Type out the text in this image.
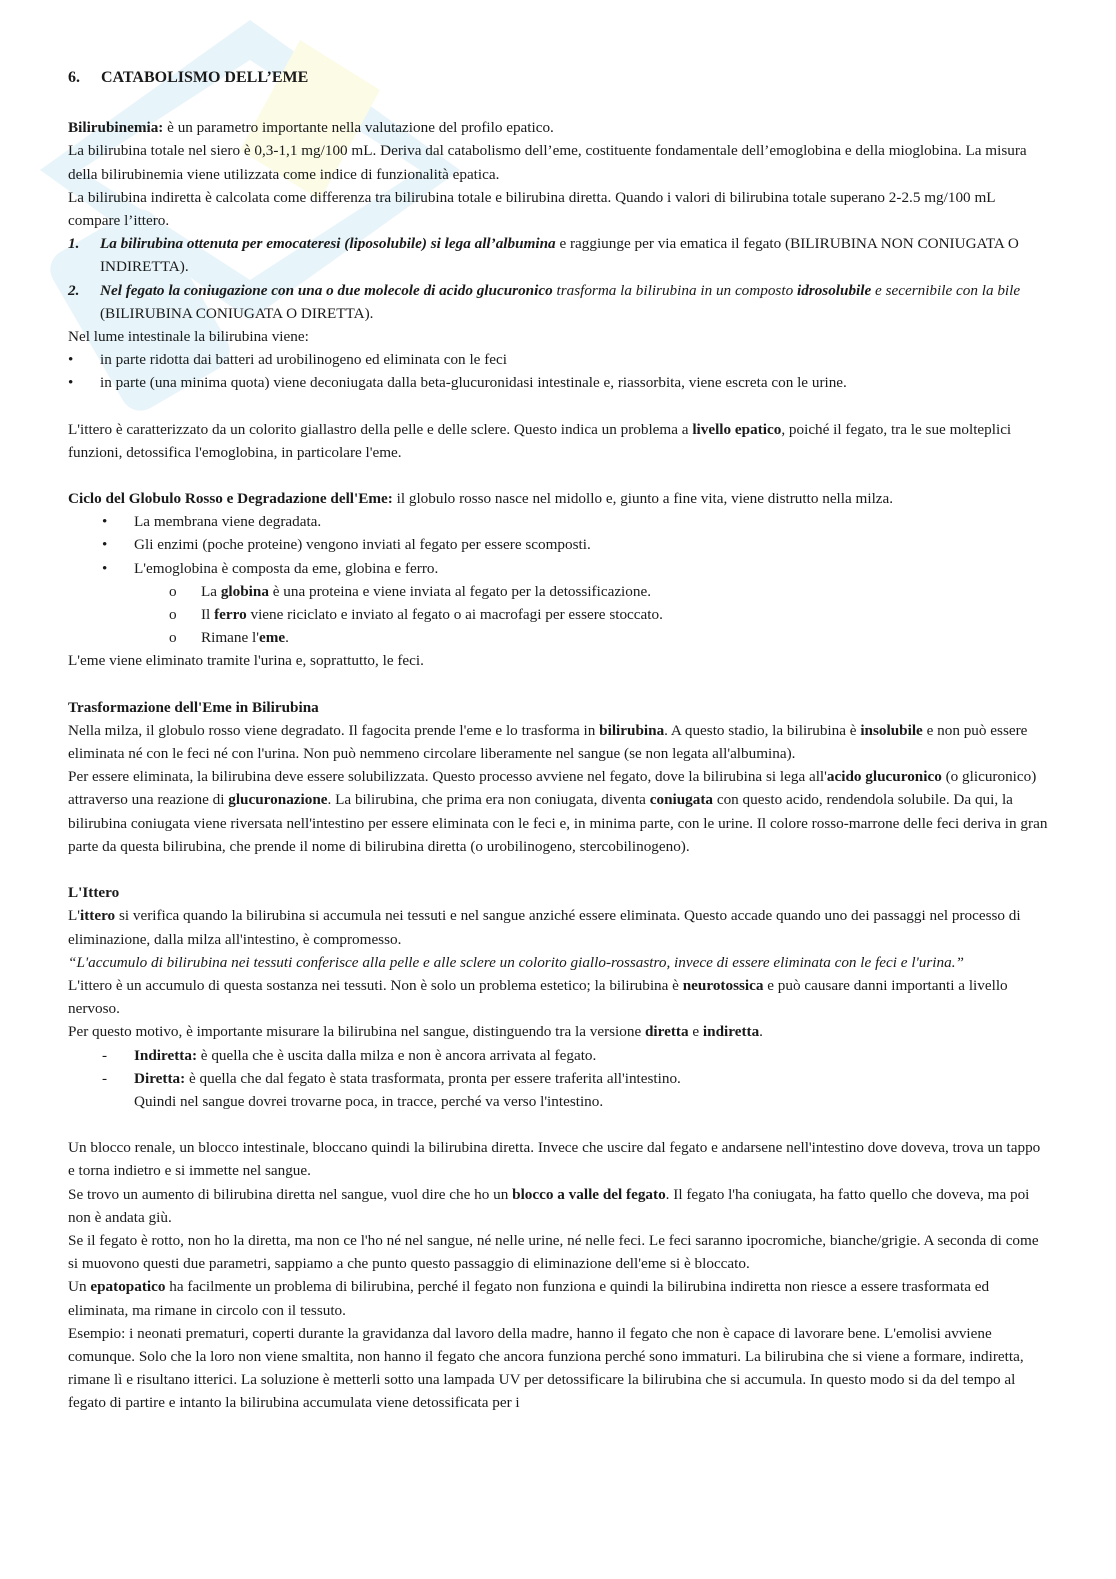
6. CATABOLISMO DELL’EME

Bilirubinemia: è un parametro importante nella valutazione del profilo epatico.

La bilirubina totale nel siero è 0,3-1,1 mg/100 mL. Deriva dal catabolismo dell’eme, costituente fondamentale dell’emoglobina e della mioglobina. La misura della bilirubinemia viene utilizzata come indice di funzionalità epatica.

La bilirubina indiretta è calcolata come differenza tra bilirubina totale e bilirubina diretta. Quando i valori di bilirubina totale superano 2-2.5 mg/100 mL compare l’ittero.

1.	La bilirubina ottenuta per emocateresi (liposolubile) si lega all’albumina e raggiunge per via ematica il fegato (BILIRUBINA NON CONIUGATA O INDIRETTA).
2.	Nel fegato la coniugazione con una o due molecole di acido glucuronico trasforma la bilirubina in un composto idrosolubile e secernibile con la bile (BILIRUBINA CONIUGATA O DIRETTA).

Nel lume intestinale la bilirubina viene:

•	in parte ridotta dai batteri ad urobilinogeno ed eliminata con le feci
•	in parte (una minima quota) viene deconiugata dalla beta-glucuronidasi intestinale e, riassorbita, viene escreta con le urine.

L'ittero è caratterizzato da un colorito giallastro della pelle e delle sclere. Questo indica un problema a livello epatico, poiché il fegato, tra le sue molteplici funzioni, detossifica l'emoglobina, in particolare l'eme.

Ciclo del Globulo Rosso e Degradazione dell'Eme: il globulo rosso nasce nel midollo e, giunto a fine vita, viene distrutto nella milza.

•	La membrana viene degradata.
•	Gli enzimi (poche proteine) vengono inviati al fegato per essere scomposti.
•	L'emoglobina è composta da eme, globina e ferro.
o	La globina è una proteina e viene inviata al fegato per la detossificazione.
o	Il ferro viene riciclato e inviato al fegato o ai macrofagi per essere stoccato.
o	Rimane l'eme.

L'eme viene eliminato tramite l'urina e, soprattutto, le feci.

Trasformazione dell'Eme in Bilirubina

Nella milza, il globulo rosso viene degradato. Il fagocita prende l'eme e lo trasforma in bilirubina. A questo stadio, la bilirubina è insolubile e non può essere eliminata né con le feci né con l'urina. Non può nemmeno circolare liberamente nel sangue (se non legata all'albumina).

Per essere eliminata, la bilirubina deve essere solubilizzata. Questo processo avviene nel fegato, dove la bilirubina si lega all'acido glucuronico (o glicuronico) attraverso una reazione di glucuronazione. La bilirubina, che prima era non coniugata, diventa coniugata con questo acido, rendendola solubile. Da qui, la bilirubina coniugata viene riversata nell'intestino per essere eliminata con le feci e, in minima parte, con le urine. Il colore rosso-marrone delle feci deriva in gran parte da questa bilirubina, che prende il nome di bilirubina diretta (o urobilinogeno, stercobilinogeno).

L'Ittero

L'ittero si verifica quando la bilirubina si accumula nei tessuti e nel sangue anziché essere eliminata. Questo accade quando uno dei passaggi nel processo di eliminazione, dalla milza all'intestino, è compromesso.

“L'accumulo di bilirubina nei tessuti conferisce alla pelle e alle sclere un colorito giallo-rossastro, invece di essere eliminata con le feci e l'urina.”

L'ittero è un accumulo di questa sostanza nei tessuti. Non è solo un problema estetico; la bilirubina è neurotossica e può causare danni importanti a livello nervoso.

Per questo motivo, è importante misurare la bilirubina nel sangue, distinguendo tra la versione diretta e indiretta.

-	Indiretta: è quella che è uscita dalla milza e non è ancora arrivata al fegato.
-	Diretta: è quella che dal fegato è stata trasformata, pronta per essere traferita all'intestino.

Quindi nel sangue dovrei trovarne poca, in tracce, perché va verso l'intestino.

Un blocco renale, un blocco intestinale, bloccano quindi la bilirubina diretta. Invece che uscire dal fegato e andarsene nell'intestino dove doveva, trova un tappo e torna indietro e si immette nel sangue.

Se trovo un aumento di bilirubina diretta nel sangue, vuol dire che ho un blocco a valle del fegato. Il fegato l'ha coniugata, ha fatto quello che doveva, ma poi non è andata giù.

Se il fegato è rotto, non ho la diretta, ma non ce l'ho né nel sangue, né nelle urine, né nelle feci. Le feci saranno ipocromiche, bianche/grigie. A seconda di come si muovono questi due parametri, sappiamo a che punto questo passaggio di eliminazione dell'eme si è bloccato.

Un epatopatico ha facilmente un problema di bilirubina, perché il fegato non funziona e quindi la bilirubina indiretta non riesce a essere trasformata ed eliminata, ma rimane in circolo con il tessuto.

Esempio: i neonati prematuri, coperti durante la gravidanza dal lavoro della madre, hanno il fegato che non è capace di lavorare bene. L'emolisi avviene comunque. Solo che la loro non viene smaltita, non hanno il fegato che ancora funziona perché sono immaturi. La bilirubina che si viene a formare, indiretta, rimane lì e risultano itterici. La soluzione è metterli sotto una lampada UV per detossificare la bilirubina che si accumula. In questo modo si da del tempo al fegato di partire e intanto la bilirubina accumulata viene detossificata per i
